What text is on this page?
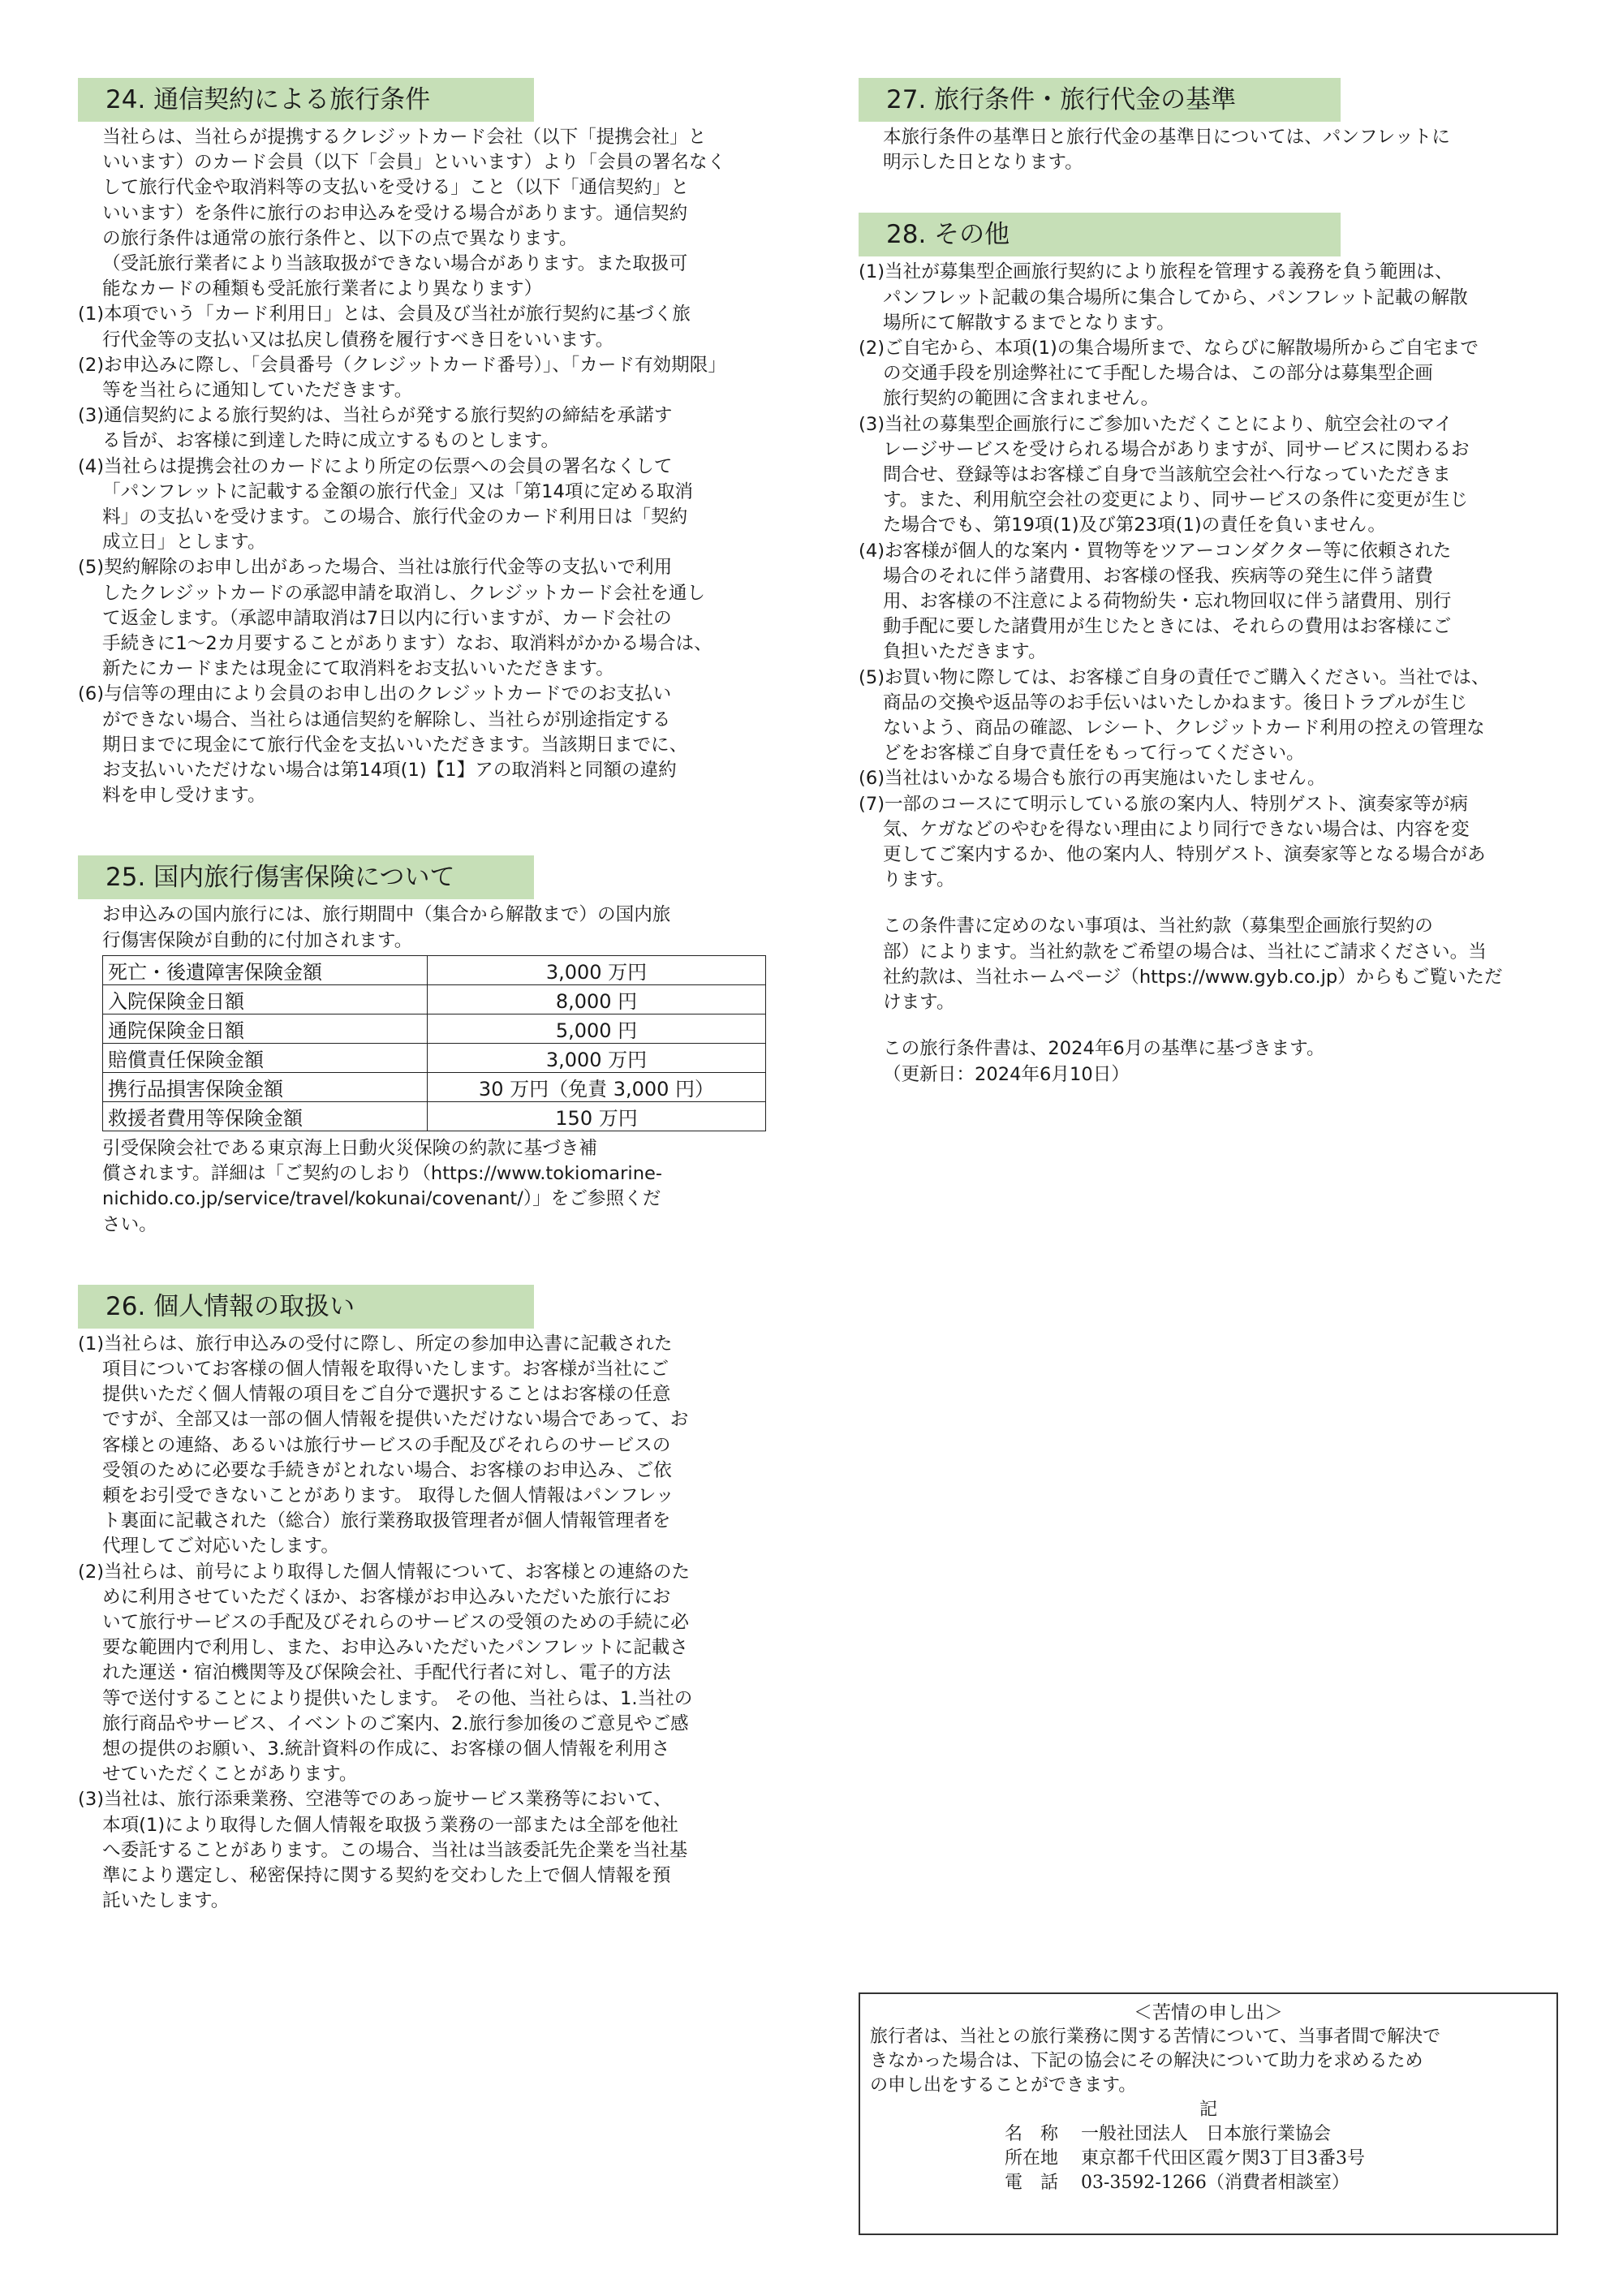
24. 通信契約による旅行条件
当社らは、当社らが提携するクレジットカード会社（以下「提携会社」と
いいます）のカード会員（以下「会員」といいます）より「会員の署名なく
して旅行代金や取消料等の支払いを受ける」こと（以下「通信契約」と
いいます）を条件に旅行のお申込みを受ける場合があります。通信契約
の旅行条件は通常の旅行条件と、以下の点で異なります。
（受託旅行業者により当該取扱ができない場合があります。また取扱可
能なカードの種類も受託旅行業者により異なります）
(1)本項でいう「カード利用日」とは、会員及び当社が旅行契約に基づく旅
行代金等の支払い又は払戻し債務を履行すべき日をいいます。
(2)お申込みに際し、「会員番号（クレジットカード番号）」、「カード有効期限」
等を当社らに通知していただきます。
(3)通信契約による旅行契約は、当社らが発する旅行契約の締結を承諾す
る旨が、お客様に到達した時に成立するものとします。
(4)当社らは提携会社のカードにより所定の伝票への会員の署名なくして
「パンフレットに記載する金額の旅行代金」又は「第14項に定める取消
料」の支払いを受けます。この場合、旅行代金のカード利用日は「契約
成立日」とします。
(5)契約解除のお申し出があった場合、当社は旅行代金等の支払いで利用
したクレジットカードの承認申請を取消し、クレジットカード会社を通し
て返金します。（承認申請取消は7日以内に行いますが、カード会社の
手続きに1～2カ月要することがあります）なお、取消料がかかる場合は、
新たにカードまたは現金にて取消料をお支払いいただきます。
(6)与信等の理由により会員のお申し出のクレジットカードでのお支払い
ができない場合、当社らは通信契約を解除し、当社らが別途指定する
期日までに現金にて旅行代金を支払いいただきます。当該期日までに、
お支払いいただけない場合は第14項(1)【1】アの取消料と同額の違約
料を申し受けます。
25. 国内旅行傷害保険について
お申込みの国内旅行には、旅行期間中（集合から解散まで）の国内旅
行傷害保険が自動的に付加されます。
死亡・後遺障害保険金額	3,000 万円
入院保険金日額	8,000 円
通院保険金日額	5,000 円
賠償責任保険金額	3,000 万円
携行品損害保険金額	30 万円（免責 3,000 円）
救援者費用等保険金額	150 万円
引受保険会社である東京海上日動火災保険の約款に基づき補
償されます。詳細は「ご契約のしおり（https://www.tokiomarine-
nichido.co.jp/service/travel/kokunai/covenant/）」をご参照くだ
さい。
26. 個人情報の取扱い
(1)当社らは、旅行申込みの受付に際し、所定の参加申込書に記載された
項目についてお客様の個人情報を取得いたします。お客様が当社にご
提供いただく個人情報の項目をご自分で選択することはお客様の任意
ですが、全部又は一部の個人情報を提供いただけない場合であって、お
客様との連絡、あるいは旅行サービスの手配及びそれらのサービスの
受領のために必要な手続きがとれない場合、お客様のお申込み、ご依
頼をお引受できないことがあります。 取得した個人情報はパンフレッ
ト裏面に記載された（総合）旅行業務取扱管理者が個人情報管理者を
代理してご対応いたします。
(2)当社らは、前号により取得した個人情報について、お客様との連絡のた
めに利用させていただくほか、お客様がお申込みいただいた旅行にお
いて旅行サービスの手配及びそれらのサービスの受領のための手続に必
要な範囲内で利用し、また、お申込みいただいたパンフレットに記載さ
れた運送・宿泊機関等及び保険会社、手配代行者に対し、電子的方法
等で送付することにより提供いたします。 その他、当社らは、1.当社の
旅行商品やサービス、イベントのご案内、2.旅行参加後のご意見やご感
想の提供のお願い、3.統計資料の作成に、お客様の個人情報を利用さ
せていただくことがあります。
(3)当社は、旅行添乗業務、空港等でのあっ旋サービス業務等において、
本項(1)により取得した個人情報を取扱う業務の一部または全部を他社
へ委託することがあります。この場合、当社は当該委託先企業を当社基
準により選定し、秘密保持に関する契約を交わした上で個人情報を預
託いたします。
27. 旅行条件・旅行代金の基準
本旅行条件の基準日と旅行代金の基準日については、パンフレットに
明示した日となります。
28. その他
(1)当社が募集型企画旅行契約により旅程を管理する義務を負う範囲は、
パンフレット記載の集合場所に集合してから、パンフレット記載の解散
場所にて解散するまでとなります。
(2)ご自宅から、本項(1)の集合場所まで、ならびに解散場所からご自宅まで
の交通手段を別途弊社にて手配した場合は、この部分は募集型企画
旅行契約の範囲に含まれません。
(3)当社の募集型企画旅行にご参加いただくことにより、航空会社のマイ
レージサービスを受けられる場合がありますが、同サービスに関わるお
問合せ、登録等はお客様ご自身で当該航空会社へ行なっていただきま
す。また、利用航空会社の変更により、同サービスの条件に変更が生じ
た場合でも、第19項(1)及び第23項(1)の責任を負いません。
(4)お客様が個人的な案内・買物等をツアーコンダクター等に依頼された
場合のそれに伴う諸費用、お客様の怪我、疾病等の発生に伴う諸費
用、お客様の不注意による荷物紛失・忘れ物回収に伴う諸費用、別行
動手配に要した諸費用が生じたときには、それらの費用はお客様にご
負担いただきます。
(5)お買い物に際しては、お客様ご自身の責任でご購入ください。当社では、
商品の交換や返品等のお手伝いはいたしかねます。後日トラブルが生じ
ないよう、商品の確認、レシート、クレジットカード利用の控えの管理な
どをお客様ご自身で責任をもって行ってください。
(6)当社はいかなる場合も旅行の再実施はいたしません。
(7)一部のコースにて明示している旅の案内人、特別ゲスト、演奏家等が病
気、ケガなどのやむを得ない理由により同行できない場合は、内容を変
更してご案内するか、他の案内人、特別ゲスト、演奏家等となる場合があ
ります。
この条件書に定めのない事項は、当社約款（募集型企画旅行契約の
部）によります。当社約款をご希望の場合は、当社にご請求ください。当
社約款は、当社ホームページ（https://www.gyb.co.jp）からもご覧いただ
けます。
この旅行条件書は、2024年6月の基準に基づきます。
（更新日：2024年6月10日）
＜苦情の申し出＞
旅行者は、当社との旅行業務に関する苦情について、当事者間で解決で
きなかった場合は、下記の協会にその解決について助力を求めるため
の申し出をすることができます。
記
名　称	一般社団法人　日本旅行業協会
所在地	東京都千代田区霞ケ関3丁目3番3号
電　話	03-3592-1266（消費者相談室）
